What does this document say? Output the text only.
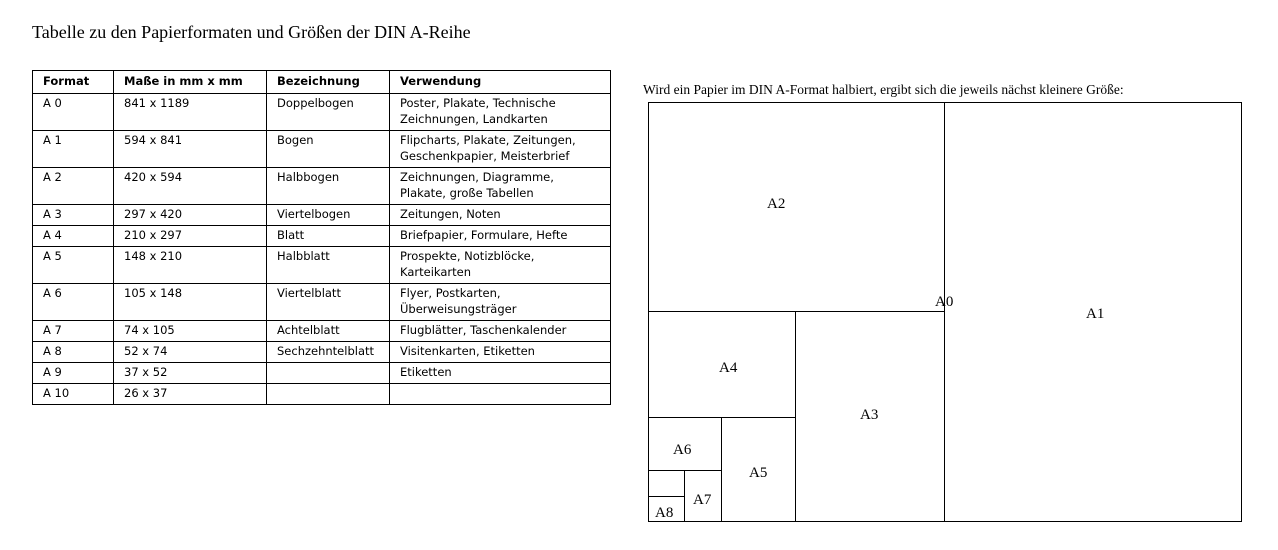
Tabelle zu den Papierformaten und Größen der DIN A-Reihe
Format	Maße in mm x mm	Bezeichnung	Verwendung
A 0	841 x 1189	Doppelbogen	Poster, Plakate, Technische
Zeichnungen, Landkarten

A 1	594 x 841	Bogen	Flipcharts, Plakate, Zeitungen,
Geschenkpapier, Meisterbrief

A 2	420 x 594	Halbbogen	Zeichnungen, Diagramme,
Plakate, große Tabellen

A 3	297 x 420	Viertelbogen	Zeitungen, Noten

A 4	210 x 297	Blatt	Briefpapier, Formulare, Hefte

A 5	148 x 210	Halbblatt	Prospekte, Notizblöcke,
Karteikarten

A 6	105 x 148	Viertelblatt	Flyer, Postkarten,
Überweisungsträger

A 7	74 x 105	Achtelblatt	Flugblätter, Taschenkalender

A 8	52 x 74	Sechzehntelblatt	Visitenkarten, Etiketten

A 9	37 x 52		Etiketten

A 10	26 x 37		
Wird ein Papier im DIN A-Format halbiert, ergibt sich die jeweils nächst kleinere Größe:
A2
A0
A1
A4
A3
A6
A5
A7
A8
